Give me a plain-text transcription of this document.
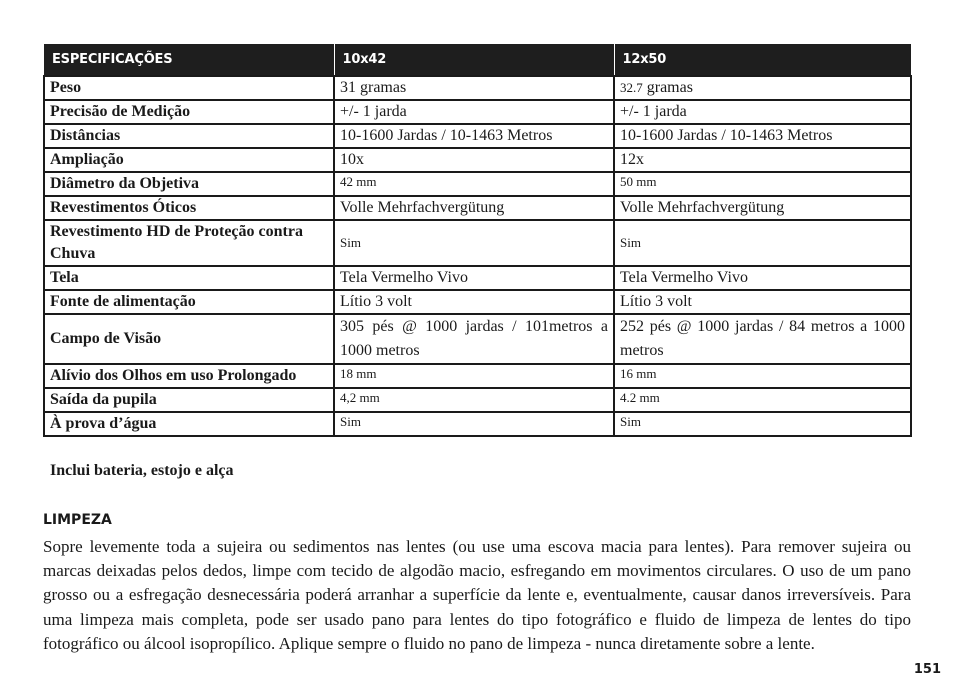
ESPECIFICAÇÕES	10x42	12x50
Peso	31 gramas	32.7 gramas
Precisão de Medição	+/- 1 jarda	+/- 1 jarda
Distâncias	10-1600 Jardas / 10-1463 Metros	10-1600 Jardas / 10-1463 Metros
Ampliação	10x	12x
Diâmetro da Objetiva	42 mm	50 mm
Revestimentos Óticos	Volle Mehrfachvergütung	Volle Mehrfachvergütung
Revestimento HD de Proteção contra Chuva	Sim	Sim
Tela	Tela Vermelho Vivo	Tela Vermelho Vivo
Fonte de alimentação	Lítio 3 volt	Lítio 3 volt
Campo de Visão	305 pés @ 1000 jardas / 101metros a 1000 metros	252 pés @ 1000 jardas / 84 metros a 1000 metros
Alívio dos Olhos em uso Prolongado	18 mm	16 mm
Saída da pupila	4,2 mm	4.2 mm
À prova d’água	Sim	Sim
Inclui bateria, estojo e alça
LIMPEZA

Sopre levemente toda a sujeira ou sedimentos nas lentes (ou use uma escova macia para lentes). Para remover sujeira ou marcas deixadas pelos dedos, limpe com tecido de algodão macio, esfregando em movimentos circulares. O uso de um pano grosso ou a esfregação desnecessária poderá arranhar a superfície da lente e, eventualmente, causar danos irreversíveis. Para uma limpeza mais completa, pode ser usado pano para lentes do tipo fotográfico e fluido de limpeza de lentes do tipo fotográfico ou álcool isopropílico. Aplique sempre o fluido no pano de limpeza - nunca diretamente sobre a lente.

151
